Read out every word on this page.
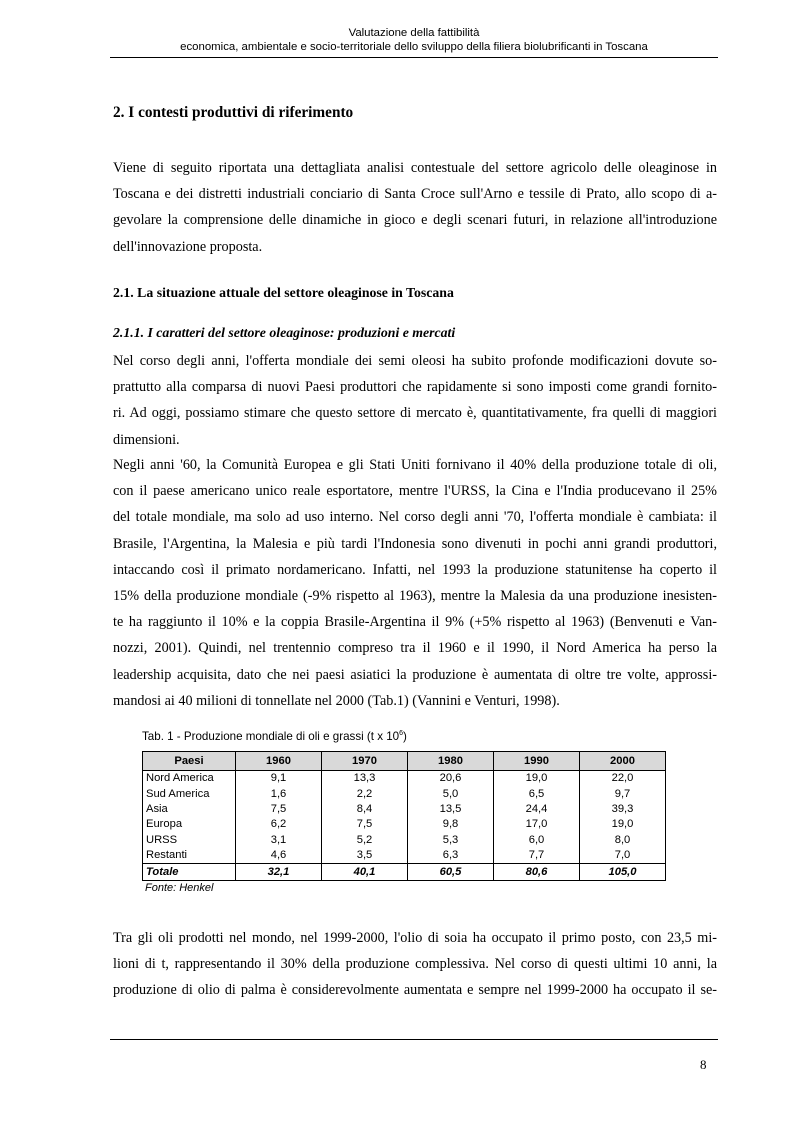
Valutazione della fattibilità
economica, ambientale e socio-territoriale dello sviluppo della filiera biolubrificanti in Toscana
2. I contesti produttivi di riferimento
Viene di seguito riportata una dettagliata analisi contestuale del settore agricolo delle oleaginose in
Toscana e dei distretti industriali conciario di Santa Croce sull'Arno e tessile di Prato, allo scopo di a-
gevolare la comprensione delle dinamiche in gioco e degli scenari futuri, in relazione all'introduzione
dell'innovazione proposta.
2.1. La situazione attuale del settore oleaginose in Toscana
2.1.1. I caratteri del settore oleaginose: produzioni e mercati
Nel corso degli anni, l'offerta mondiale dei semi oleosi ha subito profonde modificazioni dovute so-
prattutto alla comparsa di nuovi Paesi produttori che rapidamente si sono imposti come grandi fornito-
ri. Ad oggi, possiamo stimare che questo settore di mercato è, quantitativamente, fra quelli di maggiori
dimensioni.
Negli anni '60, la Comunità Europea e gli Stati Uniti fornivano il 40% della produzione totale di oli,
con il paese americano unico reale esportatore, mentre l'URSS, la Cina e l'India producevano il 25%
del totale mondiale, ma solo ad uso interno. Nel corso degli anni '70, l'offerta mondiale è cambiata: il
Brasile, l'Argentina, la Malesia e più tardi l'Indonesia sono divenuti in pochi anni grandi produttori,
intaccando così il primato nordamericano. Infatti, nel 1993 la produzione statunitense ha coperto il
15% della produzione mondiale (-9% rispetto al 1963), mentre la Malesia da una produzione inesisten-
te ha raggiunto il 10% e la coppia Brasile-Argentina il 9% (+5% rispetto al 1963) (Benvenuti e Van-
nozzi, 2001). Quindi, nel trentennio compreso tra il 1960 e il 1990, il Nord America ha perso la
leadership acquisita, dato che nei paesi asiatici la produzione è aumentata di oltre tre volte, approssi-
mandosi ai 40 milioni di tonnellate nel 2000 (Tab.1) (Vannini e Venturi, 1998).
Tab. 1 - Produzione mondiale di oli e grassi (t x $10^6$)
Paesi	1960	1970	1980	1990	2000
Nord America	9,1	13,3	20,6	19,0	22,0
Sud America	1,6	2,2	5,0	6,5	9,7
Asia	7,5	8,4	13,5	24,4	39,3
Europa	6,2	7,5	9,8	17,0	19,0
URSS	3,1	5,2	5,3	6,0	8,0
Restanti	4,6	3,5	6,3	7,7	7,0
Totale	32,1	40,1	60,5	80,6	105,0
Fonte: Henkel
Tra gli oli prodotti nel mondo, nel 1999-2000, l'olio di soia ha occupato il primo posto, con 23,5 mi-
lioni di t, rappresentando il 30% della produzione complessiva. Nel corso di questi ultimi 10 anni, la
produzione di olio di palma è considerevolmente aumentata e sempre nel 1999-2000 ha occupato il se-
8
